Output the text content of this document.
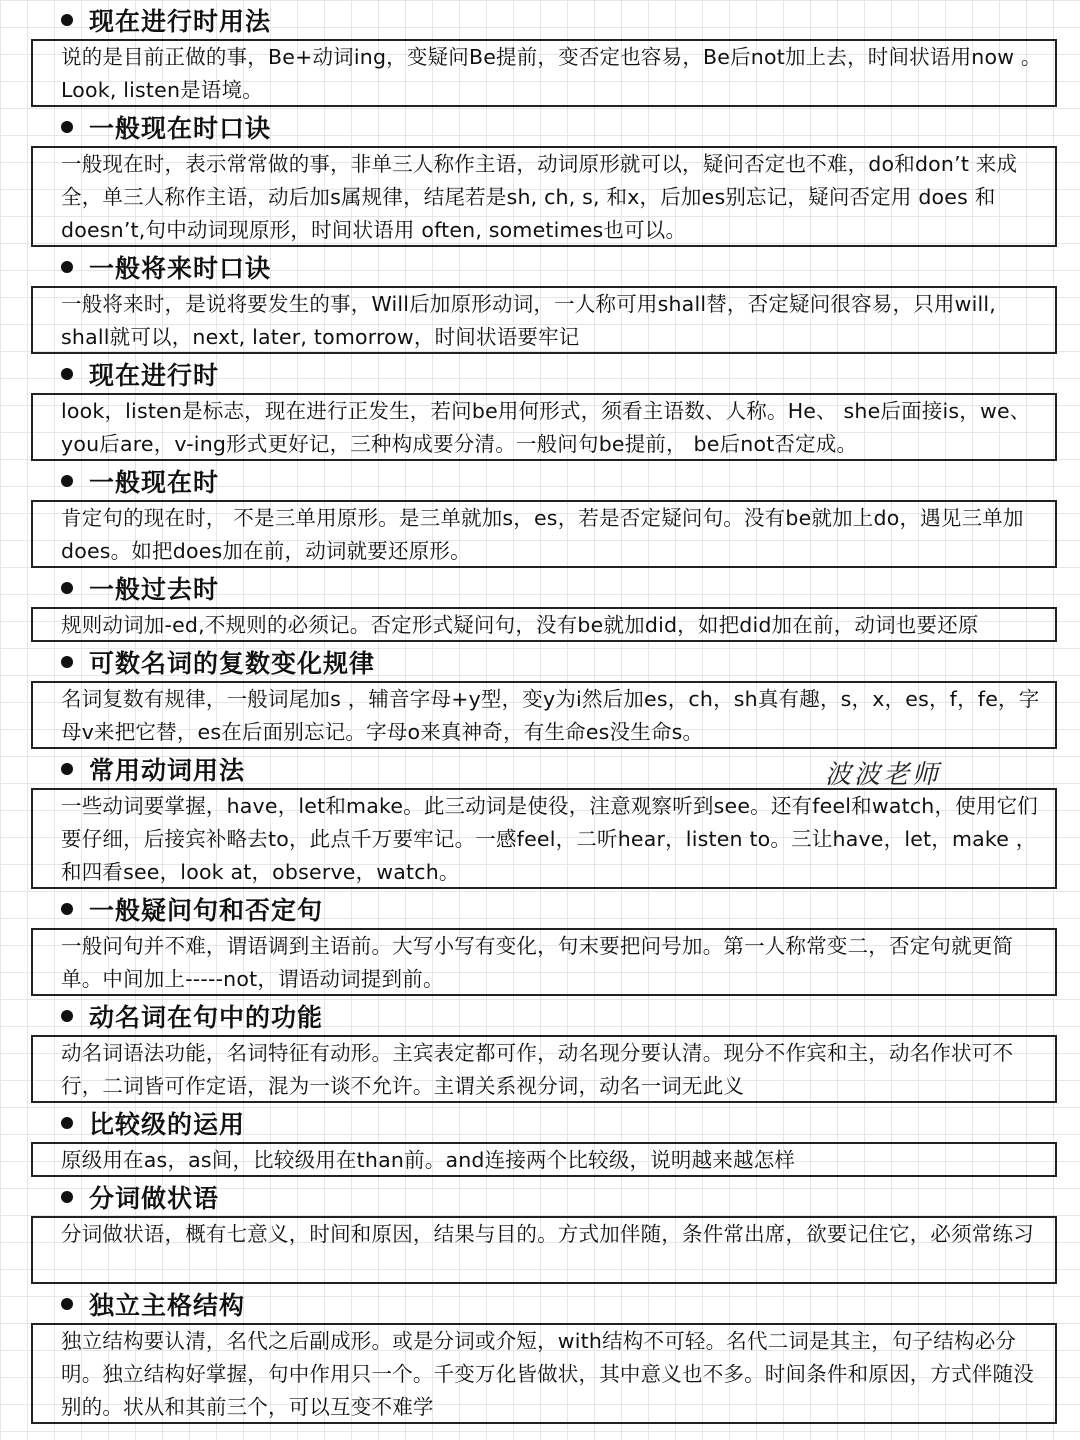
现在进行时用法
说的是目前正做的事，Be+动词ing，变疑问Be提前，变否定也容易，Be后not加上去，时间状语用now 。Look, listen是语境。
一般现在时口诀
一般现在时，表示常常做的事，非单三人称作主语，动词原形就可以，疑问否定也不难，do和don’t 来成全，单三人称作主语，动后加s属规律，结尾若是sh, ch, s, 和x，后加es别忘记，疑问否定用 does 和 doesn’t,句中动词现原形，时间状语用 often, sometimes也可以。
一般将来时口诀
一般将来时，是说将要发生的事，Will后加原形动词，一人称可用shall替，否定疑问很容易，只用will, shall就可以，next, later, tomorrow，时间状语要牢记
现在进行时
look，listen是标志，现在进行正发生，若问be用何形式，须看主语数、人称。He、 she后面接is，we、you后are，v-ing形式更好记，三种构成要分清。一般问句be提前， be后not否定成。
一般现在时
肯定句的现在时， 不是三单用原形。是三单就加s，es，若是否定疑问句。没有be就加上do，遇见三单加does。如把does加在前，动词就要还原形。
一般过去时
规则动词加-ed,不规则的必须记。否定形式疑问句，没有be就加did，如把did加在前，动词也要还原
可数名词的复数变化规律
名词复数有规律，一般词尾加s ，辅音字母+y型，变y为i然后加es，ch，sh真有趣，s，x，es，f，fe，字母v来把它替，es在后面别忘记。字母o来真神奇，有生命es没生命s。
常用动词用法
一些动词要掌握，have，let和make。此三动词是使役，注意观察听到see。还有feel和watch，使用它们要仔细，后接宾补略去to，此点千万要牢记。一感feel，二听hear，listen to。三让have，let，make ，和四看see，look at，observe，watch。
一般疑问句和否定句
一般问句并不难，谓语调到主语前。大写小写有变化，句末要把问号加。第一人称常变二，否定句就更简单。中间加上-----not，谓语动词提到前。
动名词在句中的功能
动名词语法功能，名词特征有动形。主宾表定都可作，动名现分要认清。现分不作宾和主，动名作状可不行，二词皆可作定语，混为一谈不允许。主谓关系视分词，动名一词无此义
比较级的运用
原级用在as，as间，比较级用在than前。and连接两个比较级，说明越来越怎样
分词做状语
分词做状语，概有七意义，时间和原因，结果与目的。方式加伴随，条件常出席，欲要记住它，必须常练习
独立主格结构
独立结构要认清，名代之后副成形。或是分词或介短，with结构不可轻。名代二词是其主，句子结构必分明。独立结构好掌握，句中作用只一个。千变万化皆做状，其中意义也不多。时间条件和原因，方式伴随没别的。状从和其前三个，可以互变不难学
波波老师
